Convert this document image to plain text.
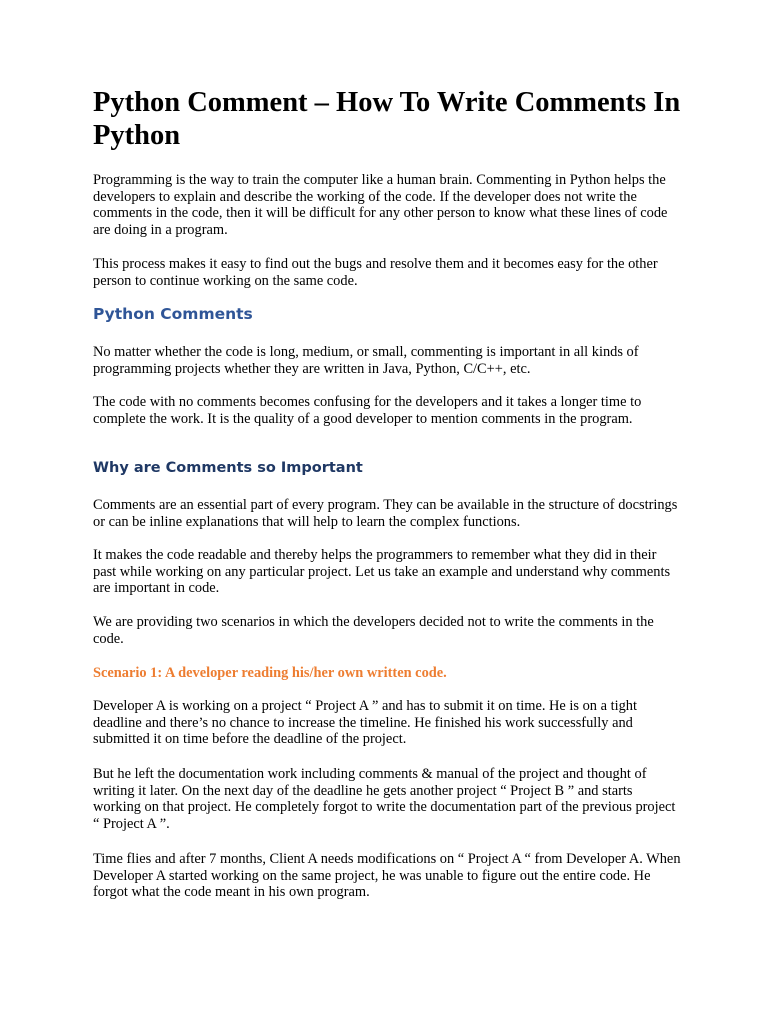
Python Comment – How To Write Comments In Python

Programming is the way to train the computer like a human brain. Commenting in Python helps the developers to explain and describe the working of the code. If the developer does not write the comments in the code, then it will be difficult for any other person to know what these lines of code are doing in a program.

This process makes it easy to find out the bugs and resolve them and it becomes easy for the other person to continue working on the same code.

Python Comments

No matter whether the code is long, medium, or small, commenting is important in all kinds of programming projects whether they are written in Java, Python, C/C++, etc.

The code with no comments becomes confusing for the developers and it takes a longer time to complete the work. It is the quality of a good developer to mention comments in the program.

Why are Comments so Important

Comments are an essential part of every program. They can be available in the structure of docstrings or can be inline explanations that will help to learn the complex functions.

It makes the code readable and thereby helps the programmers to remember what they did in their past while working on any particular project. Let us take an example and understand why comments are important in code.

We are providing two scenarios in which the developers decided not to write the comments in the code.

Scenario 1: A developer reading his/her own written code.

Developer A is working on a project “ Project A ” and has to submit it on time. He is on a tight deadline and there’s no chance to increase the timeline. He finished his work successfully and submitted it on time before the deadline of the project.

But he left the documentation work including comments & manual of the project and thought of writing it later. On the next day of the deadline he gets another project “ Project B ” and starts working on that project. He completely forgot to write the documentation part of the previous project “ Project A ”.

Time flies and after 7 months, Client A needs modifications on “ Project A “ from Developer A. When Developer A started working on the same project, he was unable to figure out the entire code. He forgot what the code meant in his own program.
